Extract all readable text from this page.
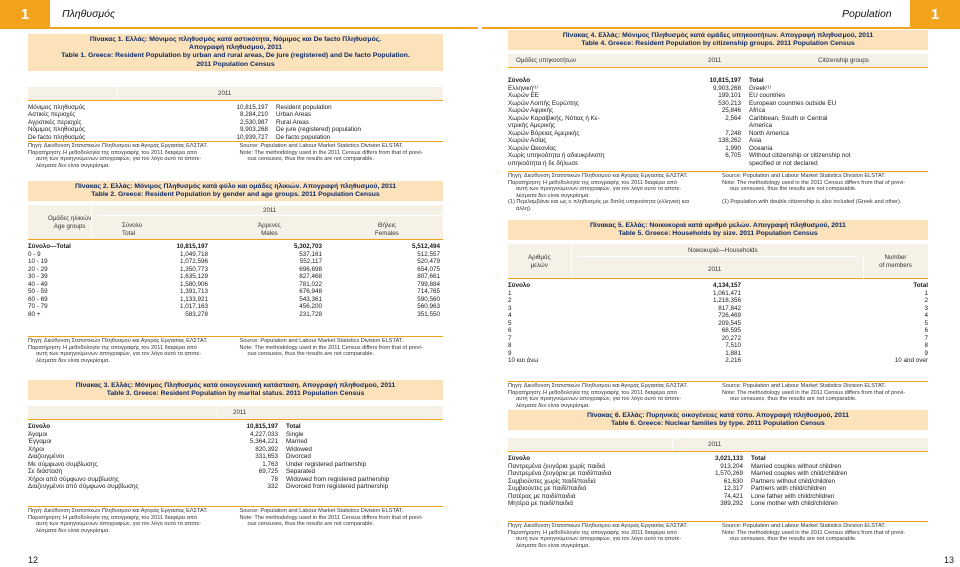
1	Πληθυσμός
Πίνακας 1. Ελλάς: Μόνιμος πληθυσμός κατά αστικότητα, Νόμιμος και De facto Πληθυσμός.
Απογραφή πληθυσμού, 2011
Table 1. Greece: Resident Population by urban and rural areas, De jure (registered) and De facto Population.
2011 Population Census
2011
Μόνιμος πληθυσμός	10,815,197	Resident population
Αστικές περιοχές	8,284,210	Urban Areas
Αγροτικές περιοχές	2,530,987	Rural Areas
Νόμιμος πληθυσμός	9,903,268	De jure (registered) population
De facto πληθυσμός	10,939,727	De facto population
Πηγή: Διεύθυνση Στατιστικών Πληθυσμού και Αγοράς Εργασίας ΕΛΣΤΑΤ.
Παρατήρηση: Η μεθοδολογία της απογραφής του 2011 διαφέρει από
αυτή των προηγούμενων απογραφών, για τον λόγο αυτό τα αποτε-
λέσματα δεν είναι συγκρίσιμα.
Source: Population and Labour Market Statistics Division ELSTAT.
Note: The methodology used in the 2011 Census differs from that of previ-
ous censuses, thus the results are not comparable.
Πίνακας 2. Ελλάς: Μόνιμος Πληθυσμός κατά φύλο και ομάδες ηλικιών. Απογραφή πληθυσμού, 2011
Table 2. Greece: Resident Population by gender and age groups. 2011 Population Census
Ομάδες ηλικιών
Age groups
2011
Σύνολο
Total
Άρρενες
Males
Θήλεις
Females
Σύνολο—Total	10,815,197	5,302,703	5,512,494
0 - 9	1,049,718	537,161	512,557
10 - 19	1,072,596	552,117	520,479
20 - 29	1,350,773	696,698	654,075
30 - 39	1,635,129	827,468	807,661
40 - 49	1,580,906	781,022	799,884
50 - 59	1,391,713	676,948	714,765
60 - 69	1,133,921	543,361	590,560
70 - 79	1,017,163	456,200	560,963
80 +	583,278	231,728	351,550
Πηγή: Διεύθυνση Στατιστικών Πληθυσμού και Αγοράς Εργασίας ΕΛΣΤΑΤ.
Παρατήρηση: Η μεθοδολογία της απογραφής του 2011 διαφέρει από
αυτή των προηγούμενων απογραφών, για τον λόγο αυτό τα αποτε-
λέσματα δεν είναι συγκρίσιμα.
Source: Population and Labour Market Statistics Division ELSTAT.
Note: The methodology used in the 2011 Census differs from that of previ-
ous censuses, thus the results are not comparable.
Πίνακας 3. Ελλάς: Μόνιμος Πληθυσμός κατά οικογενειακή κατάσταση. Απογραφή πληθυσμού, 2011
Table 3. Greece: Resident Population by marital status. 2011 Population Census
2011
Σύνολο	10,815,197	Total
Άγαμοι	4,227,033	Single
Έγγαμοι	5,364,221	Married
Χήροι	820,392	Widowed
Διαζευγμένοι	331,653	Divorced
Με σύμφωνο συμβίωσης	1,763	Under registered partnership
Σε διάσταση	69,725	Separated
Χήροι από σύμφωνο συμβίωσης	78	Widowed from registered partnership
Διαζευγμένοι από σύμφωνο συμβίωσης	332	Divorced from registered partnership
Πηγή: Διεύθυνση Στατιστικών Πληθυσμού και Αγοράς Εργασίας ΕΛΣΤΑΤ.
Παρατήρηση: Η μεθοδολογία της απογραφής του 2011 διαφέρει από
αυτή των προηγούμενων απογραφών, για τον λόγο αυτό τα αποτε-
λέσματα δεν είναι συγκρίσιμα.
Source: Population and Labour Market Statistics Division ELSTAT.
Note: The methodology used in the 2011 Census differs from that of previ-
ous censuses, thus the results are not comparable.
12
Population	1
Πίνακας 4. Ελλάς: Μόνιμος Πληθυσμός κατά ομάδες υπηκοοτήτων. Απογραφή πληθυσμού, 2011
Table 4. Greece: Resident Population by citizenship groups. 2011 Population Census
Ομάδες υπηκοοτήτων	2011	Citizenship groups
Σύνολο	10,815,197	Total
Ελληνική⁽¹⁾	9,903,268	Greek⁽¹⁾
Χωρών ΕΕ	199,101	EU countries
Χωρών Λοιπής Ευρώπης	530,213	European countries outside EU
Χωρών Αφρικής	25,846	Africa
Χωρών Καραϊβικής, Νότιας ή Κε-	2,564	Caribbean, South or Central
ντρικής Αμερικής	America
Χωρών Βόρειας Αμερικής	7,248	North America
Χωρών Ασίας	138,262	Asia
Χωρών Ωκεανίας	1,990	Oceania
Χωρίς υπηκοότητα ή αδιευκρίνιστη	6,705	Without citizenship or citizenship not
υπηκοότητα ή δε δήλωσε	specified or not declared
Πηγή: Διεύθυνση Στατιστικών Πληθυσμού και Αγοράς Εργασίας ΕΛΣΤΑΤ.
Παρατήρηση: Η μεθοδολογία της απογραφής του 2011 διαφέρει από
αυτή των προηγούμενων απογραφών, για τον λόγο αυτό τα αποτε-
λέσματα δεν είναι συγκρίσιμα.
(1) Περιλαμβάνει και ως ο πληθυσμός με διπλή υπηκοότητα (ελληνική και
άλλη).
Source: Population and Labour Market Statistics Division ELSTAT.
Note: The methodology used in the 2011 Census differs from that of previ-
ous censuses, thus the results are not comparable.
(1) Population with double citizenship is also included (Greek and other).
Πίνακας 5. Ελλάς: Νοικοκυριά κατά αριθμό μελών. Απογραφή πληθυσμού, 2011
Table 5. Greece: Households by size. 2011 Population Census
Αριθμός
μελών
Νοικοκυριά—Households
2011
Number
of members
Σύνολο	4,134,157	Total
1	1,061,471	1
2	1,218,356	2
3	817,842	3
4	726,469	4
5	209,545	5
6	68,595	6
7	20,272	7
8	7,510	8
9	1,881	9
10 και άνω	2,216	10 and over
Πηγή: Διεύθυνση Στατιστικών Πληθυσμού και Αγοράς Εργασίας ΕΛΣΤΑΤ.
Παρατήρηση: Η μεθοδολογία της απογραφής του 2011 διαφέρει από
αυτή των προηγούμενων απογραφών, για τον λόγο αυτό τα αποτε-
λέσματα δεν είναι συγκρίσιμα.
Source: Population and Labour Market Statistics Division ELSTAT.
Note: The methodology used in the 2011 Census differs from that of previ-
ous censuses, thus the results are not comparable.
Πίνακας 6. Ελλάς: Πυρηνικές οικογένειες κατά τύπο. Απογραφή πληθυσμού, 2011
Table 6. Greece: Nuclear families by type. 2011 Population Census
2011
Σύνολο	3,021,133	Total
Παντρεμένα ζευγάρια χωρίς παιδιά	913,204	Married couples without children
Παντρεμένα ζευγάρια με παιδί/παιδιά	1,570,269	Married couples with child/children
Συμβιούντες χωρίς παιδί/παιδιά	61,630	Partners without child/children
Συμβιούντες με παιδί/παιδιά	12,317	Partners with child/children
Πατέρας με παιδί/παιδιά	74,421	Lone father with child/children
Μητέρα με παιδί/παιδιά	389,292	Lone mother with child/children
Πηγή: Διεύθυνση Στατιστικών Πληθυσμού και Αγοράς Εργασίας ΕΛΣΤΑΤ.
Παρατήρηση: Η μεθοδολογία της απογραφής του 2011 διαφέρει από
αυτή των προηγούμενων απογραφών, για τον λόγο αυτό τα αποτε-
λέσματα δεν είναι συγκρίσιμα.
Source: Population and Labour Market Statistics Division ELSTAT.
Note: The methodology used in the 2011 Census differs from that of previ-
ous censuses, thus the results are not comparable.
13
